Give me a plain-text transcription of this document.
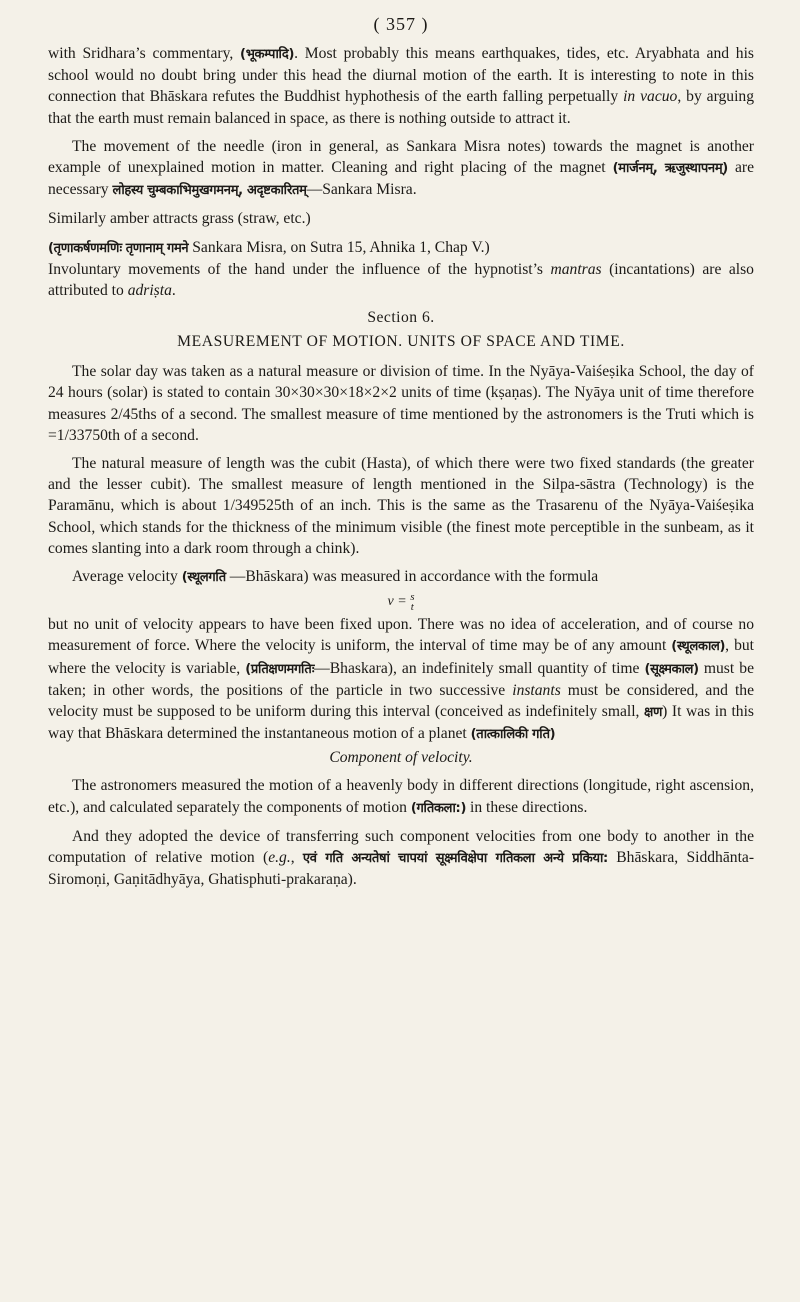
( 357 )

with Sridhara’s commentary, (भूकम्पादि). Most probably this means earthquakes, tides, etc. Aryabhata and his school would no doubt bring under this head the diurnal motion of the earth. It is interesting to note in this connection that Bhāskara refutes the Buddhist hyphothesis of the earth falling perpetually in vacuo, by arguing that the earth must remain balanced in space, as there is nothing outside to attract it.

The movement of the needle (iron in general, as Sankara Misra notes) towards the magnet is another example of unexplained motion in matter. Cleaning and right placing of the magnet (मार्जनम्, ऋजुस्थापनम्) are necessary लोहस्य चुम्बकाभिमुखगमनम्, अदृष्टकारितम्—Sankara Misra.

Similarly amber attracts grass (straw, etc.)

(तृणाकर्षणमणिः तृणानाम् गमने Sankara Misra, on Sutra 15, Ahnika 1, Chap V.)

Involuntary movements of the hand under the influence of the hypnotist’s mantras (incantations) are also attributed to adriṣta.

Section 6.
MEASUREMENT OF MOTION. UNITS OF SPACE AND TIME.

The solar day was taken as a natural measure or division of time. In the Nyāya-Vaiśeṣika School, the day of 24 hours (solar) is stated to contain 30×30×30×18×2×2 units of time (kṣaṇas). The Nyāya unit of time therefore measures 2/45ths of a second. The smallest measure of time mentioned by the astronomers is the Truti which is =1/33750th of a second.

The natural measure of length was the cubit (Hasta), of which there were two fixed standards (the greater and the lesser cubit). The smallest measure of length mentioned in the Silpa-sāstra (Technology) is the Paramānu, which is about 1/349525th of an inch. This is the same as the Trasarenu of the Nyāya-Vaiśeṣika School, which stands for the thickness of the minimum visible (the finest mote perceptible in the sunbeam, as it comes slanting into a dark room through a chink).

Average velocity (स्थूलगति —Bhāskara) was measured in accordance with the formula

v = s
t

but no unit of velocity appears to have been fixed upon. There was no idea of acceleration, and of course no measurement of force. Where the velocity is uniform, the interval of time may be of any amount (स्थूलकाल), but where the velocity is variable, (प्रतिक्षणमगतिः—Bhaskara), an indefinitely small quantity of time (सूक्ष्मकाल) must be taken; in other words, the positions of the particle in two successive instants must be considered, and the velocity must be supposed to be uniform during this interval (conceived as indefinitely small, क्षण) It was in this way that Bhāskara determined the instantaneous motion of a planet (तात्कालिकी गति)

Component of velocity.

The astronomers measured the motion of a heavenly body in different directions (longitude, right ascension, etc.), and calculated separately the components of motion (गतिकला:) in these directions.

And they adopted the device of transferring such component velocities from one body to another in the computation of relative motion (e.g., एवं गति अन्यतेषां चापयां सूक्ष्मविक्षेपा गतिकला अन्ये प्रकिया: Bhāskara, Siddhānta-Siromoṇi, Gaṇitādhyāya, Ghatisphuti-prakaraṇa).
